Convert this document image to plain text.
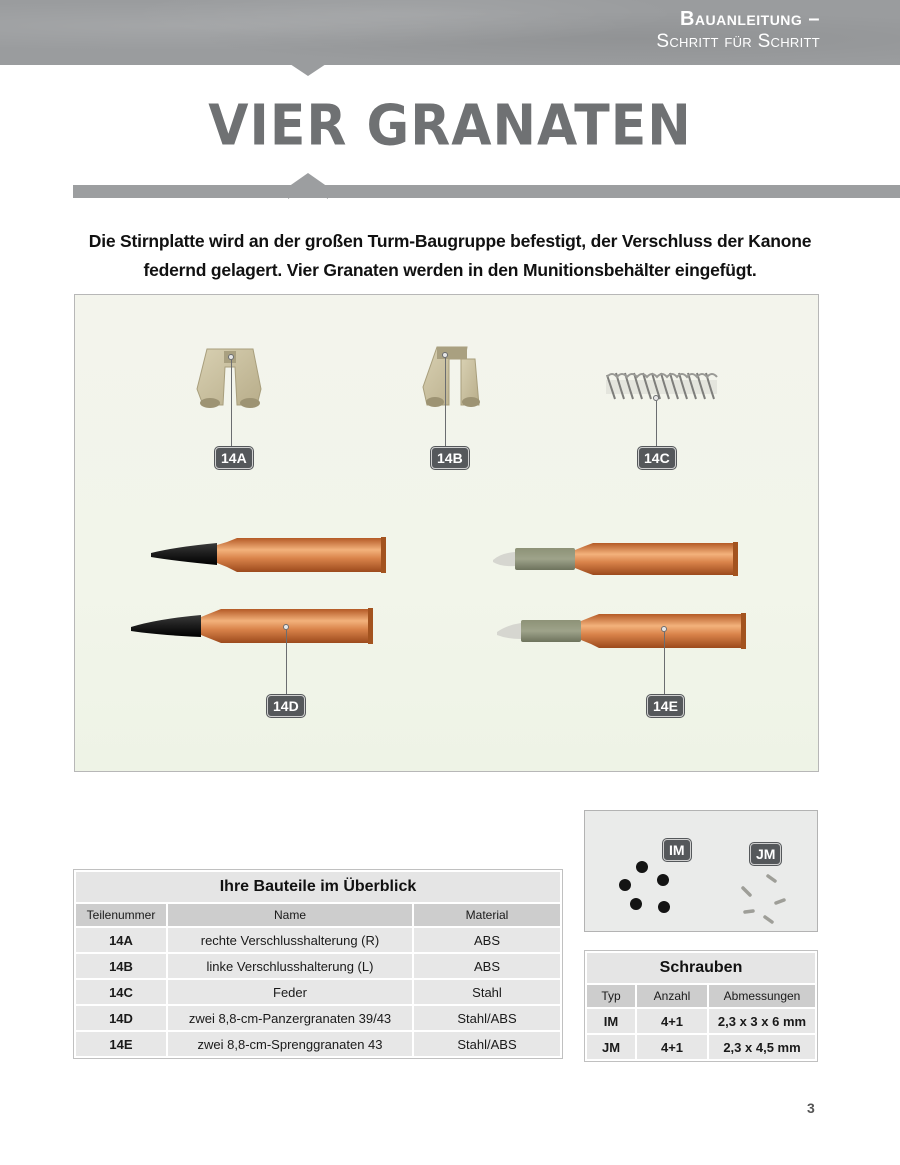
Bauanleitung –
Schritt für Schritt
VIER GRANATEN
Die Stirnplatte wird an der großen Turm-Baugruppe befestigt, der Verschluss der Kanone federnd gelagert. Vier Granaten werden in den Munitionsbehälter eingefügt.
14A	14B	14C
14D	14E
IM	JM
Ihre Bauteile im Überblick		
Teilenummer	Name	Material
14A	rechte Verschlusshalterung (R)	ABS
14B	linke Verschlusshalterung (L)	ABS
14C	Feder	Stahl
14D	zwei 8,8-cm-Panzergranaten 39/43	Stahl/ABS
14E	zwei 8,8-cm-Sprenggranaten 43	Stahl/ABS
Schrauben		
Typ	Anzahl	Abmessungen
IM	4+1	2,3 x 3 x 6 mm
JM	4+1	2,3 x 4,5 mm
3
